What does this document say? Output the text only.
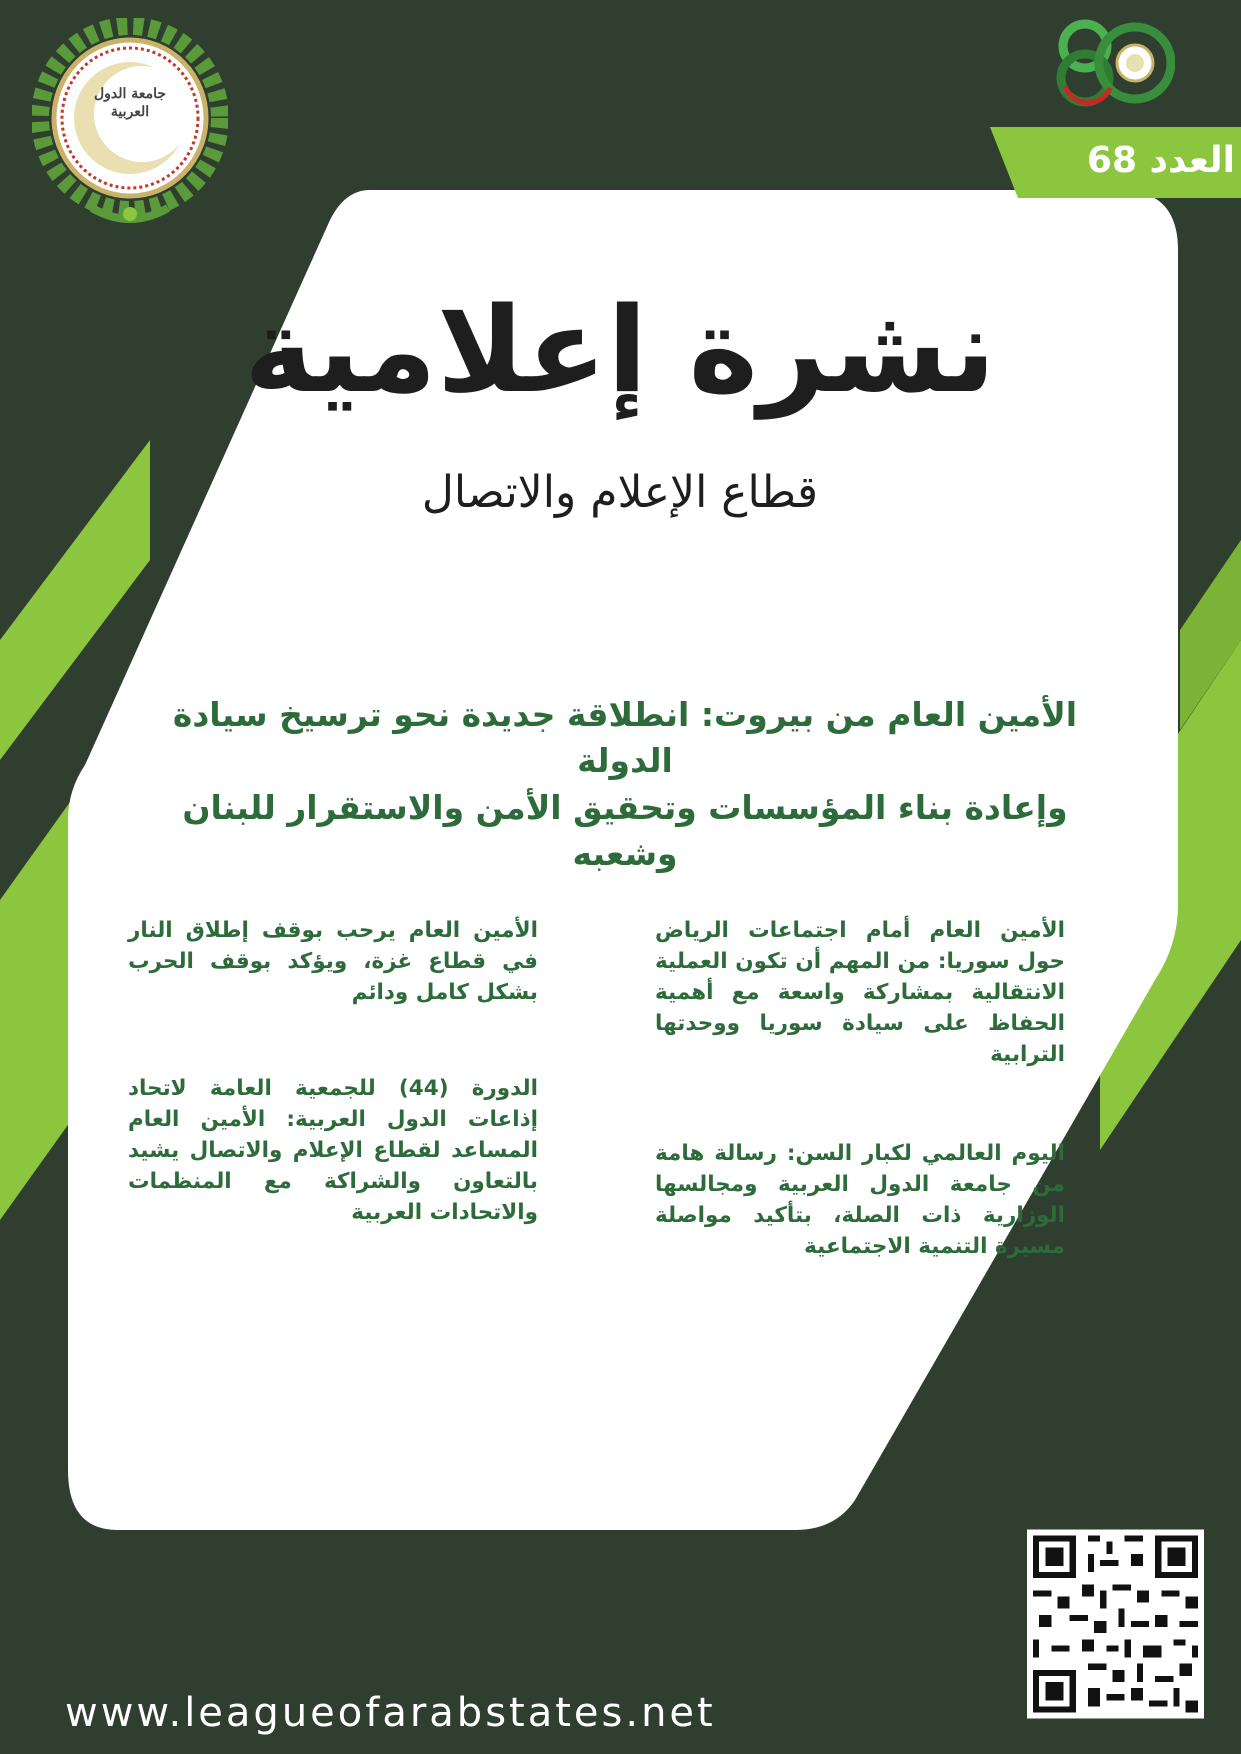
جامعة الدول العربية
العدد 68
نشرة إعلامية
قطاع الإعلام والاتصال
الأمين العام من بيروت: انطلاقة جديدة نحو ترسيخ سيادة الدولة
وإعادة بناء المؤسسات وتحقيق الأمن والاستقرار للبنان وشعبه
الأمين العام أمام اجتماعات الرياض حول سوريا: من المهم أن تكون العملية الانتقالية بمشاركة واسعة مع أهمية الحفاظ على سيادة سوريا ووحدتها الترابية
اليوم العالمي لكبار السن: رسالة هامة من جامعة الدول العربية ومجالسها الوزارية ذات الصلة، بتأكيد مواصلة مسيرة التنمية الاجتماعية
الأمين العام يرحب بوقف إطلاق النار في قطاع غزة، ويؤكد بوقف الحرب بشكل كامل ودائم
الدورة (44) للجمعية العامة لاتحاد إذاعات الدول العربية: الأمين العام المساعد لقطاع الإعلام والاتصال يشيد بالتعاون والشراكة مع المنظمات والاتحادات العربية
www.leagueofarabstates.net
